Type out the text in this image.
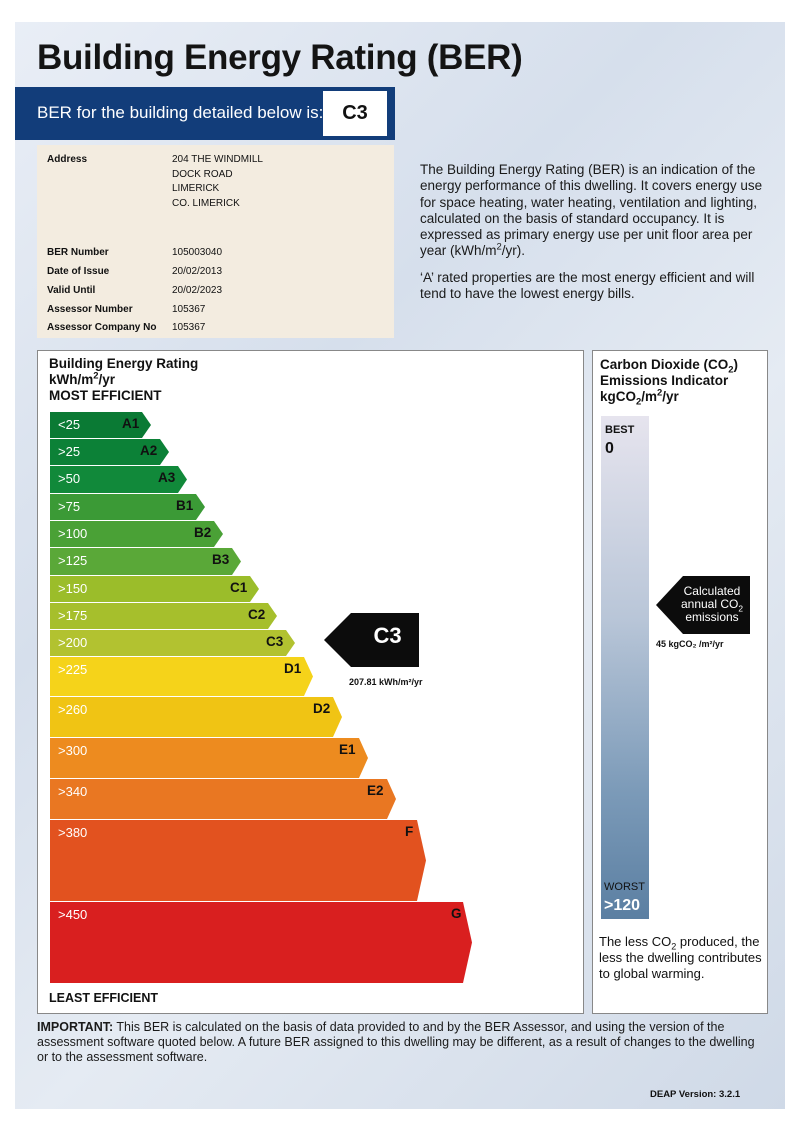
Building Energy Rating (BER)
BER for the building detailed below is: C3
Address	204 THE WINDMILL
DOCK ROAD
LIMERICK
CO. LIMERICK
BER Number	105003040
Date of Issue	20/02/2013
Valid Until	20/02/2023
Assessor Number	105367
Assessor Company No 105367

The Building Energy Rating (BER) is an indication of the energy performance of this dwelling. It covers energy use for space heating, water heating, ventilation and lighting, calculated on the basis of standard occupancy. It is expressed as primary energy use per unit floor area per year $(kWh/m^2/yr)$.

‘A’ rated properties are the most energy efficient and will tend to have the lowest energy bills.

Building Energy Rating
kWh/$m^2/yr$
MOST EFFICIENT
<25	A1
>25	A2
>50	A3
>75	B1
>100	B2
>125	B3
>150	C1
>175	C2
>200	C3
>225	D1
>260	D2
>300	E1
>340	E2
>380	F
>450	G
LEAST EFFICIENT
C3
207.81 kWh/m²/yr
Carbon Dioxide $(CO_2)$
Emissions Indicator
$kgCO_2/m^2/yr$
BEST
0
WORST
>120
Calculated
annual $CO_2$
emissions
45 kgCO₂ /m²/yr
The less $CO_2$ produced, the less the dwelling contributes to global warming.
IMPORTANT: This BER is calculated on the basis of data provided to and by the BER Assessor, and using the version of the assessment software quoted below. A future BER assigned to this dwelling may be different, as a result of changes to the dwelling or to the assessment software.
DEAP Version: 3.2.1
